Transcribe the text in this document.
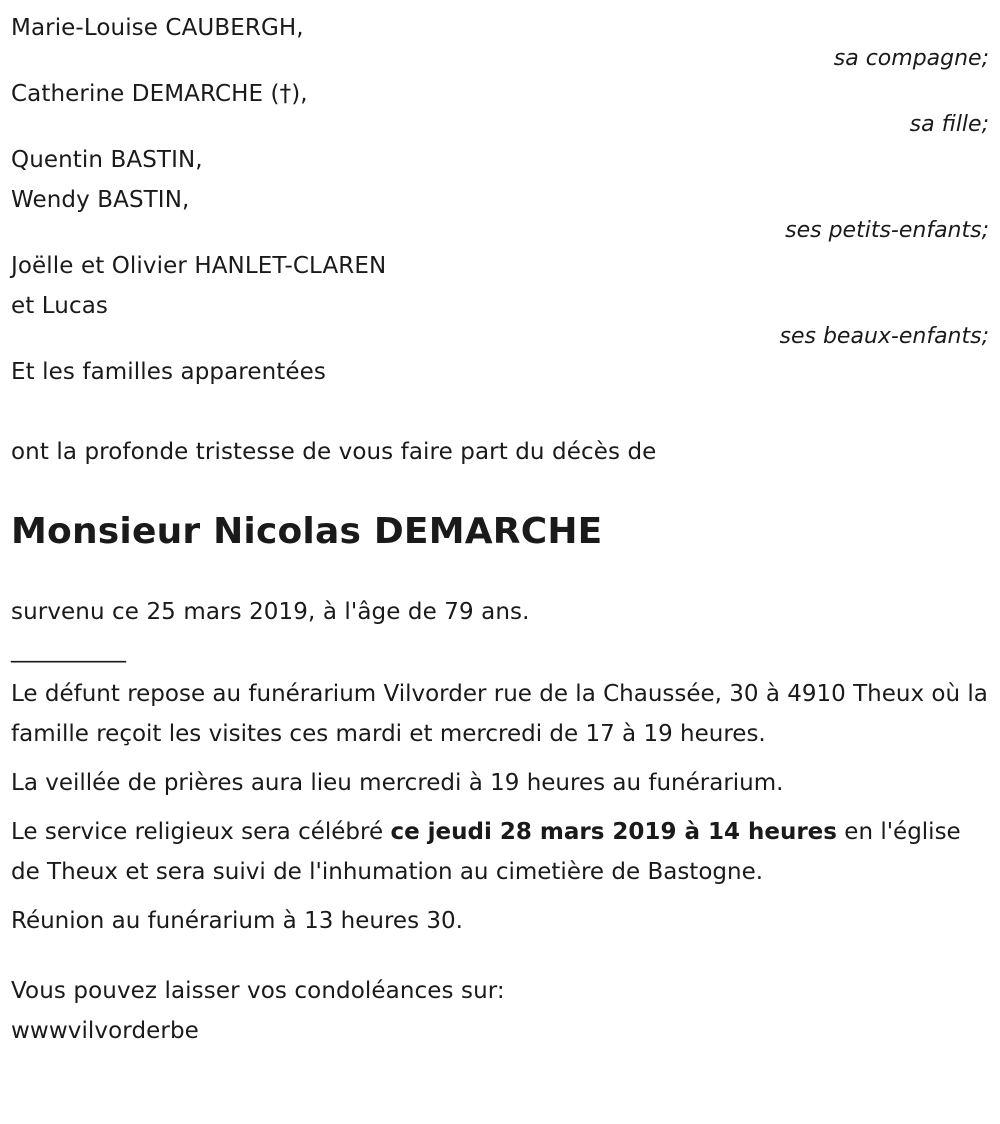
Marie-Louise CAUBERGH,
sa compagne;
Catherine DEMARCHE (†),
sa fille;
Quentin BASTIN,
Wendy BASTIN,
ses petits-enfants;
Joëlle et Olivier HANLET-CLAREN
et Lucas
ses beaux-enfants;
Et les familles apparentées
ont la profonde tristesse de vous faire part du décès de
Monsieur Nicolas DEMARCHE
survenu ce 25 mars 2019, à l'âge de 79 ans.
__________

Le défunt repose au funérarium Vilvorder rue de la Chaussée, 30 à 4910 Theux où la famille reçoit les visites ces mardi et mercredi de 17 à 19 heures.

La veillée de prières aura lieu mercredi à 19 heures au funérarium.

Le service religieux sera célébré ce jeudi 28 mars 2019 à 14 heures en l'église de Theux et sera suivi de l'inhumation au cimetière de Bastogne.

Réunion au funérarium à 13 heures 30.

Vous pouvez laisser vos condoléances sur:
wwwvilvorderbe
